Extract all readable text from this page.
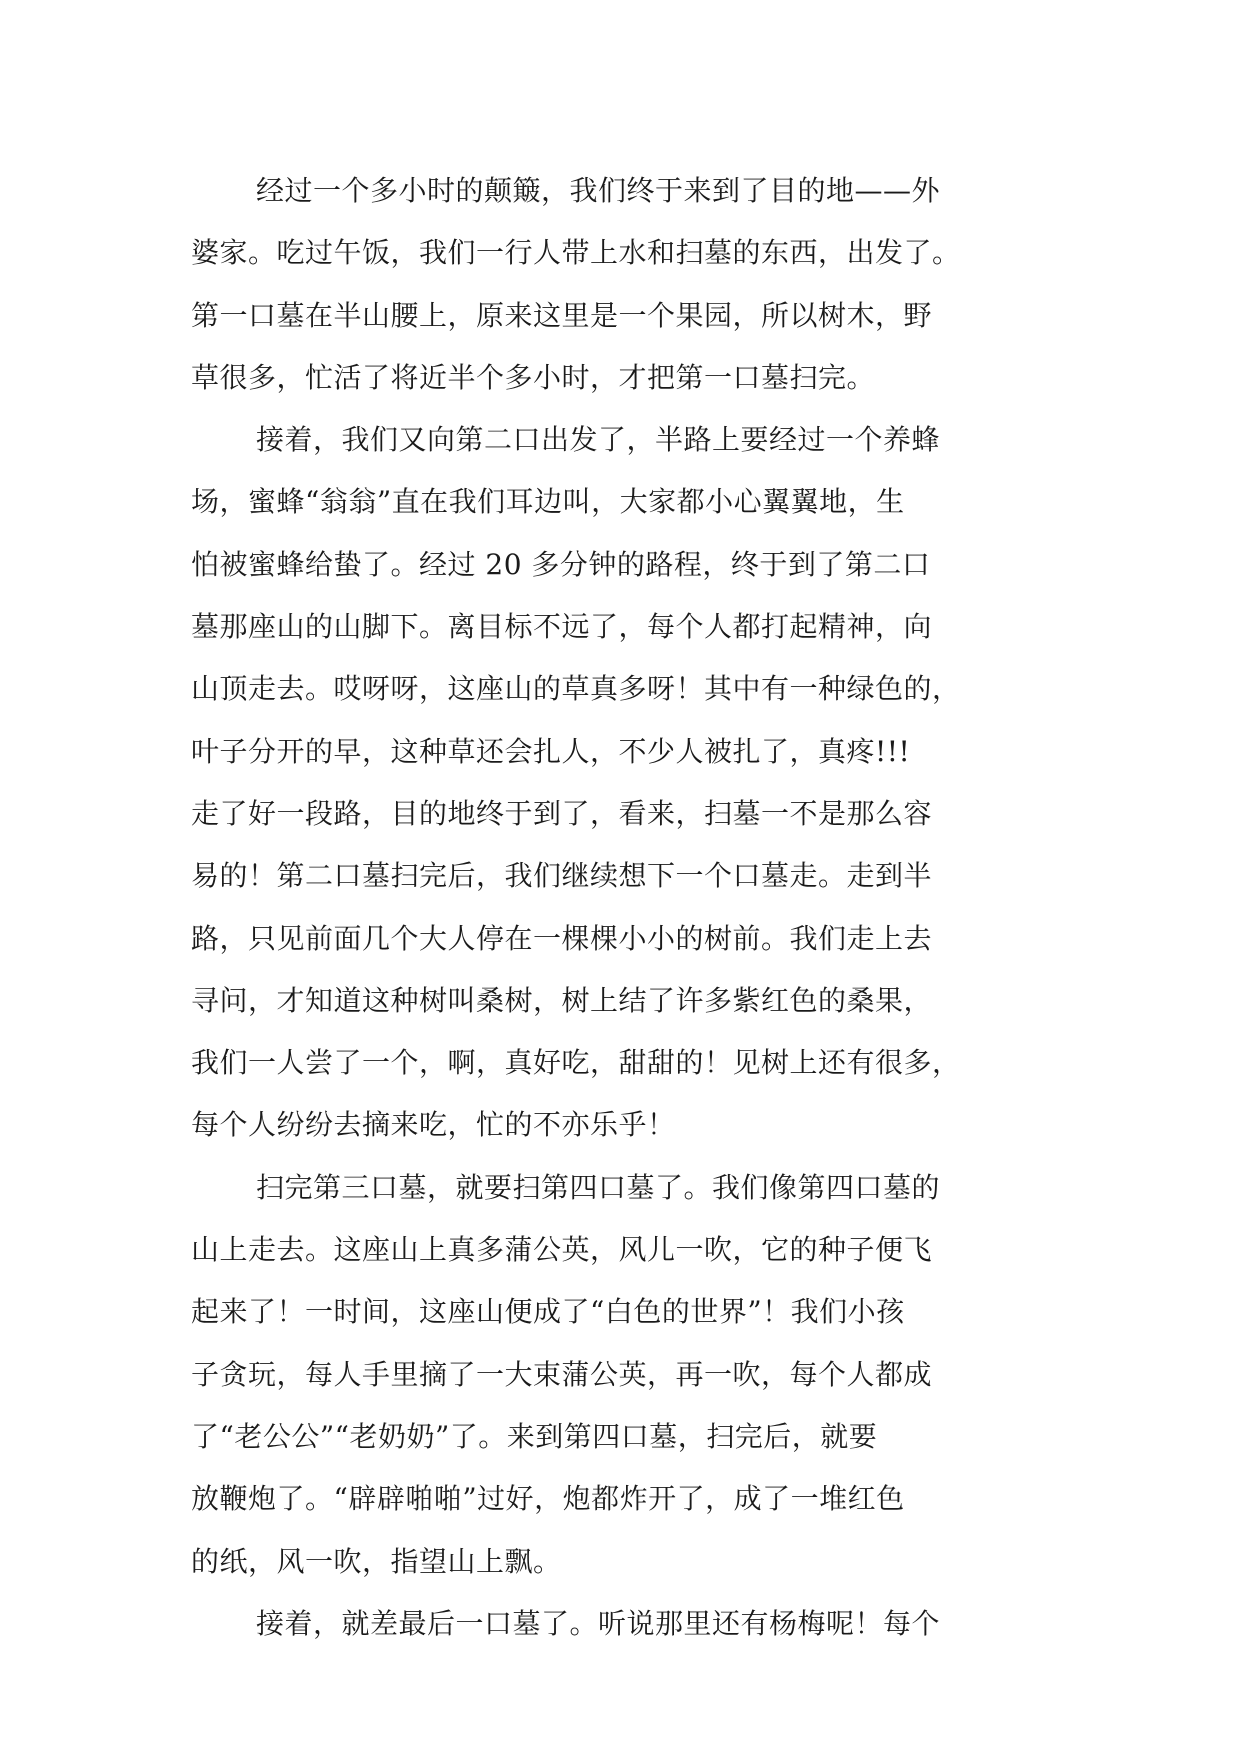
经过一个多小时的颠簸，我们终于来到了目的地——外
婆家。吃过午饭，我们一行人带上水和扫墓的东西，出发了。
第一口墓在半山腰上，原来这里是一个果园，所以树木，野
草很多，忙活了将近半个多小时，才把第一口墓扫完。
接着，我们又向第二口出发了，半路上要经过一个养蜂
场，蜜蜂“翁翁”直在我们耳边叫，大家都小心翼翼地，生
怕被蜜蜂给蛰了。经过 20 多分钟的路程，终于到了第二口
墓那座山的山脚下。离目标不远了，每个人都打起精神，向
山顶走去。哎呀呀，这座山的草真多呀！其中有一种绿色的，
叶子分开的早，这种草还会扎人，不少人被扎了，真疼!!!
走了好一段路，目的地终于到了，看来，扫墓一不是那么容
易的！第二口墓扫完后，我们继续想下一个口墓走。走到半
路，只见前面几个大人停在一棵棵小小的树前。我们走上去
寻问，才知道这种树叫桑树，树上结了许多紫红色的桑果，
我们一人尝了一个，啊，真好吃，甜甜的！见树上还有很多，
每个人纷纷去摘来吃，忙的不亦乐乎！
扫完第三口墓，就要扫第四口墓了。我们像第四口墓的
山上走去。这座山上真多蒲公英，风儿一吹，它的种子便飞
起来了！一时间，这座山便成了“白色的世界”！我们小孩
子贪玩，每人手里摘了一大束蒲公英，再一吹，每个人都成
了“老公公”“老奶奶”了。来到第四口墓，扫完后，就要
放鞭炮了。“辟辟啪啪”过好，炮都炸开了，成了一堆红色
的纸，风一吹，指望山上飘。
接着，就差最后一口墓了。听说那里还有杨梅呢！每个
